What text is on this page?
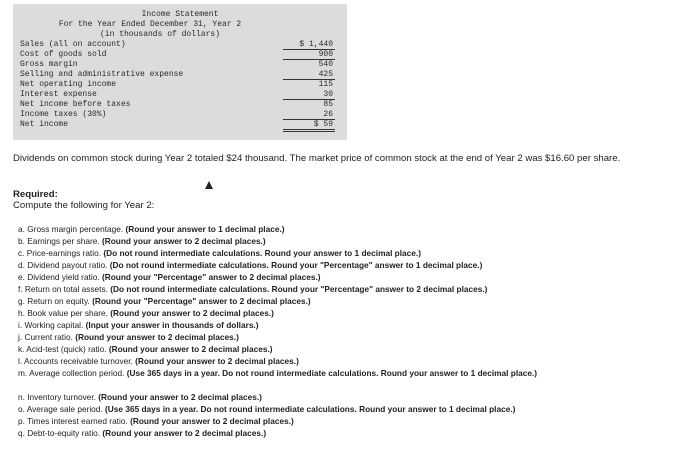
Income Statement
For the Year Ended December 31, Year 2
(in thousands of dollars)
Sales (all on account)	$ 1,440
Cost of goods sold	900
Gross margin	540
Selling and administrative expense	425
Net operating income	115
Interest expense	30
Net income before taxes	85
Income taxes (30%)	26
Net income	$ 59
Dividends on common stock during Year 2 totaled $24 thousand. The market price of common stock at the end of Year 2 was $16.60 per share.
Required:
Compute the following for Year 2:
a. Gross margin percentage. (Round your answer to 1 decimal place.)
b. Earnings per share. (Round your answer to 2 decimal places.)
c. Price-earnings ratio. (Do not round intermediate calculations. Round your answer to 1 decimal place.)
d. Dividend payout ratio. (Do not round intermediate calculations. Round your "Percentage" answer to 1 decimal place.)
e. Dividend yield ratio. (Round your "Percentage" answer to 2 decimal places.)
f. Return on total assets. (Do not round intermediate calculations. Round your "Percentage" answer to 2 decimal places.)
g. Return on equity. (Round your "Percentage" answer to 2 decimal places.)
h. Book value per share. (Round your answer to 2 decimal places.)
i. Working capital. (Input your answer in thousands of dollars.)
j. Current ratio. (Round your answer to 2 decimal places.)
k. Acid-test (quick) ratio. (Round your answer to 2 decimal places.)
l. Accounts receivable turnover. (Round your answer to 2 decimal places.)
m. Average collection period. (Use 365 days in a year. Do not round intermediate calculations. Round your answer to 1 decimal place.)
n. Inventory turnover. (Round your answer to 2 decimal places.)
o. Average sale period. (Use 365 days in a year. Do not round intermediate calculations. Round your answer to 1 decimal place.)
p. Times interest earned ratio. (Round your answer to 2 decimal places.)
q. Debt-to-equity ratio. (Round your answer to 2 decimal places.)
